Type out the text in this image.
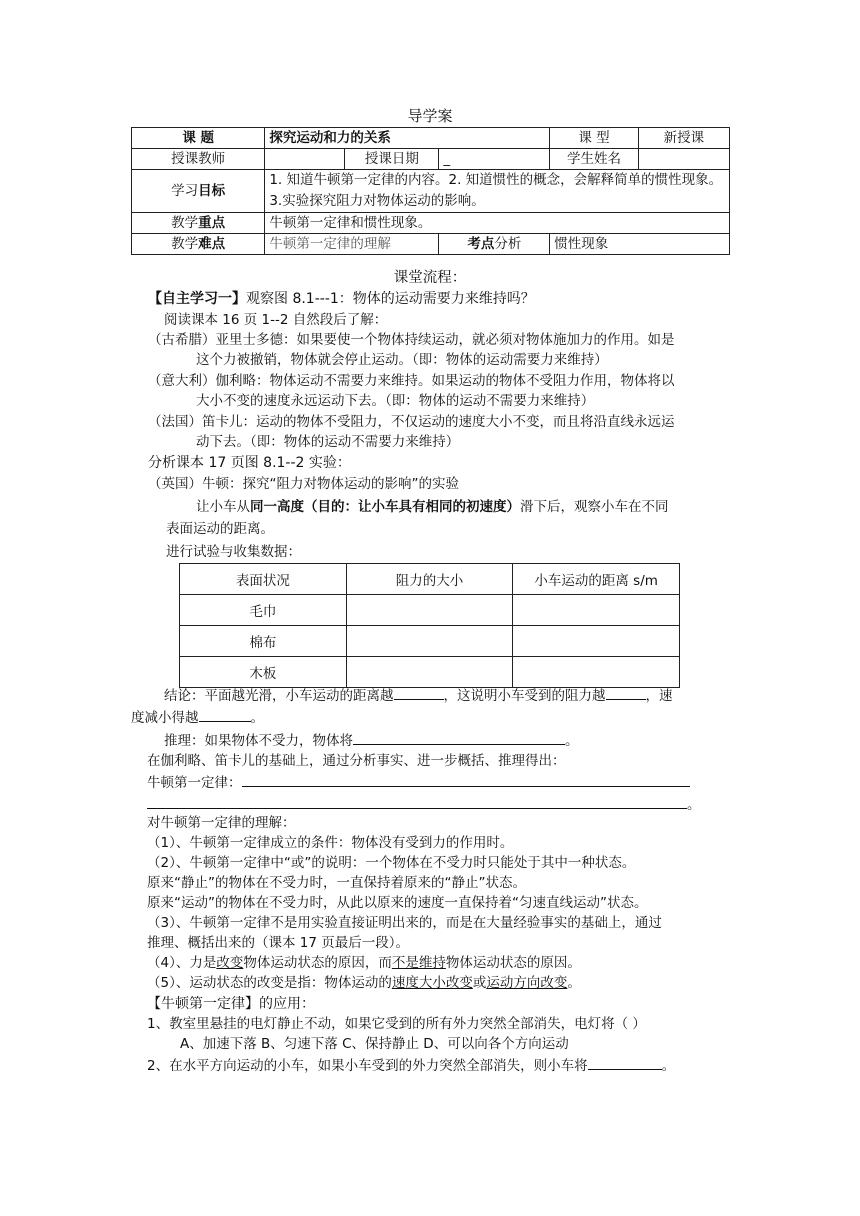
导学案
课 题	探究运动和力的关系			课 型	新授课
授课教师		授课日期	_	学生姓名	
学习目标	1. 知道牛顿第一定律的内容。2. 知道惯性的概念，会解释简单的惯性现象。
3.实验探究阻力对物体运动的影响。				

教学重点	牛顿第一定律和惯性现象。				
教学难点	牛顿第一定律的理解		考点分析	惯性现象	
课堂流程：
【自主学习一】观察图 8.1---1：物体的运动需要力来维持吗？
阅读课本 16 页 1--2 自然段后了解：
（古希腊）亚里士多德：如果要使一个物体持续运动，就必须对物体施加力的作用。如是
这个力被撤销，物体就会停止运动。（即：物体的运动需要力来维持）
（意大利）伽利略：物体运动不需要力来维持。如果运动的物体不受阻力作用，物体将以
大小不变的速度永远运动下去。（即：物体的运动不需要力来维持）
（法国）笛卡儿：运动的物体不受阻力，不仅运动的速度大小不变，而且将沿直线永远运
动下去。（即：物体的运动不需要力来维持）
分析课本 17 页图 8.1--2 实验：
（英国）牛顿：探究“阻力对物体运动的影响”的实验
让小车从同一高度（目的：让小车具有相同的初速度）滑下后，观察小车在不同
表面运动的距离。
进行试验与收集数据：
表面状况	阻力的大小	小车运动的距离 s/m
毛巾		
棉布		
木板		
结论：平面越光滑，小车运动的距离越	，这说明小车受到的阻力越	，速
度减小得越	。
推理：如果物体不受力，物体将	。
在伽利略、笛卡儿的基础上，通过分析事实、进一步概括、推理得出：
牛顿第一定律：
。
对牛顿第一定律的理解：
（1）、牛顿第一定律成立的条件：物体没有受到力的作用时。
（2）、牛顿第一定律中“或”的说明：一个物体在不受力时只能处于其中一种状态。
原来“静止”的物体在不受力时，一直保持着原来的“静止”状态。
原来“运动”的物体在不受力时，从此以原来的速度一直保持着“匀速直线运动”状态。
（3）、牛顿第一定律不是用实验直接证明出来的，而是在大量经验事实的基础上，通过
推理、概括出来的（课本 17 页最后一段）。
（4）、力是改变物体运动状态的原因，而不是维持物体运动状态的原因。
（5）、运动状态的改变是指：物体运动的速度大小改变或运动方向改变。
【牛顿第一定律】的应用：
1、教室里悬挂的电灯静止不动，如果它受到的所有外力突然全部消失，电灯将（ ）
A、加速下落 B、匀速下落 C、保持静止 D、可以向各个方向运动
2、在水平方向运动的小车，如果小车受到的外力突然全部消失，则小车将	。
